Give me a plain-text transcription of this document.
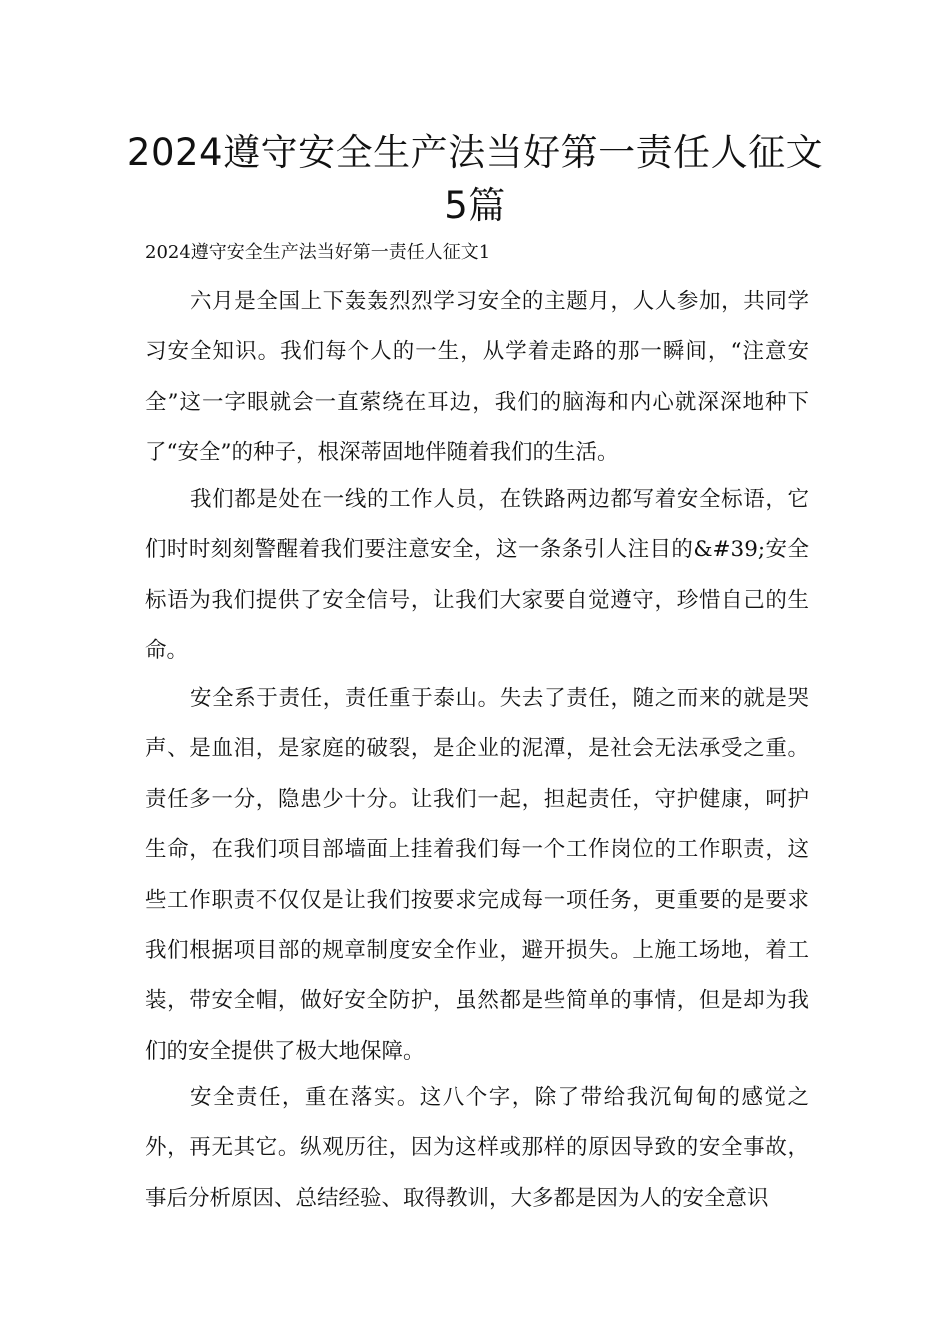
2024遵守安全生产法当好第一责任人征文5篇

2024遵守安全生产法当好第一责任人征文1

六月是全国上下轰轰烈烈学习安全的主题月，人人参加，共同学习安全知识。我们每个人的一生，从学着走路的那一瞬间，“注意安全”这一字眼就会一直萦绕在耳边，我们的脑海和内心就深深地种下了“安全”的种子，根深蒂固地伴随着我们的生活。

我们都是处在一线的工作人员，在铁路两边都写着安全标语，它们时时刻刻警醒着我们要注意安全，这一条条引人注目的&#39;安全标语为我们提供了安全信号，让我们大家要自觉遵守，珍惜自己的生命。

安全系于责任，责任重于泰山。失去了责任，随之而来的就是哭声、是血泪，是家庭的破裂，是企业的泥潭，是社会无法承受之重。责任多一分，隐患少十分。让我们一起，担起责任，守护健康，呵护生命，在我们项目部墙面上挂着我们每一个工作岗位的工作职责，这些工作职责不仅仅是让我们按要求完成每一项任务，更重要的是要求我们根据项目部的规章制度安全作业，避开损失。上施工场地，着工装，带安全帽，做好安全防护，虽然都是些简单的事情，但是却为我们的安全提供了极大地保障。

安全责任，重在落实。这八个字，除了带给我沉甸甸的感觉之外，再无其它。纵观历往，因为这样或那样的原因导致的安全事故，事后分析原因、总结经验、取得教训，大多都是因为人的安全意识
